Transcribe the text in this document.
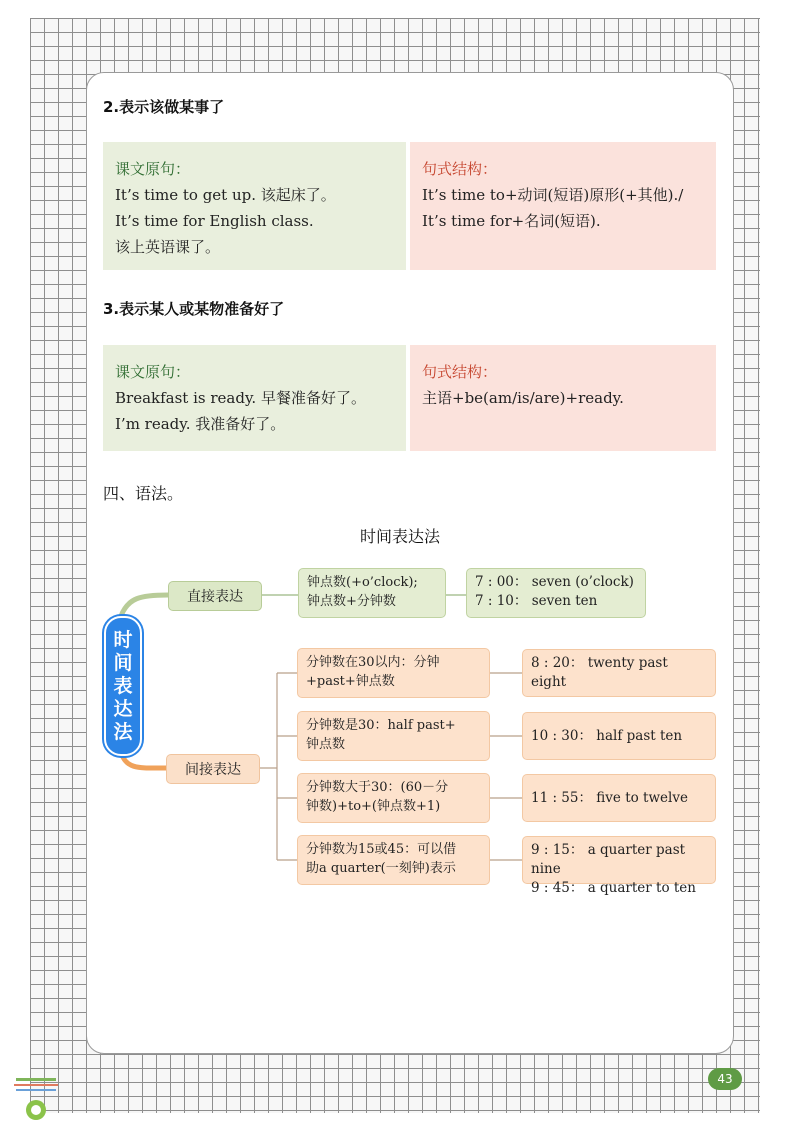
2.表示该做某事了
课文原句：
It’s time to get up. 该起床了。
It’s time for English class.
该上英语课了。
句式结构：
It’s time to+动词(短语)原形(+其他)./
It’s time for+名词(短语).
3.表示某人或某物准备好了
课文原句：
Breakfast is ready. 早餐准备好了。
I’m ready. 我准备好了。
句式结构：
主语+be(am/is/are)+ready.
四、语法。
时间表达法
时
间
表
达
法
直接表达
钟点数(+o’clock);
钟点数+分钟数
7 : 00： seven (o’clock)
7 : 10： seven ten
间接表达
分钟数在30以内：分钟
+past+钟点数
8 : 20： twenty past eight
分钟数是30：half past+
钟点数
10 : 30： half past ten
分钟数大于30：(60－分
钟数)+to+(钟点数+1)
11 : 55： five to twelve
分钟数为15或45：可以借
助a quarter(一刻钟)表示
9 : 15： a quarter past nine
9 : 45： a quarter to ten
43
